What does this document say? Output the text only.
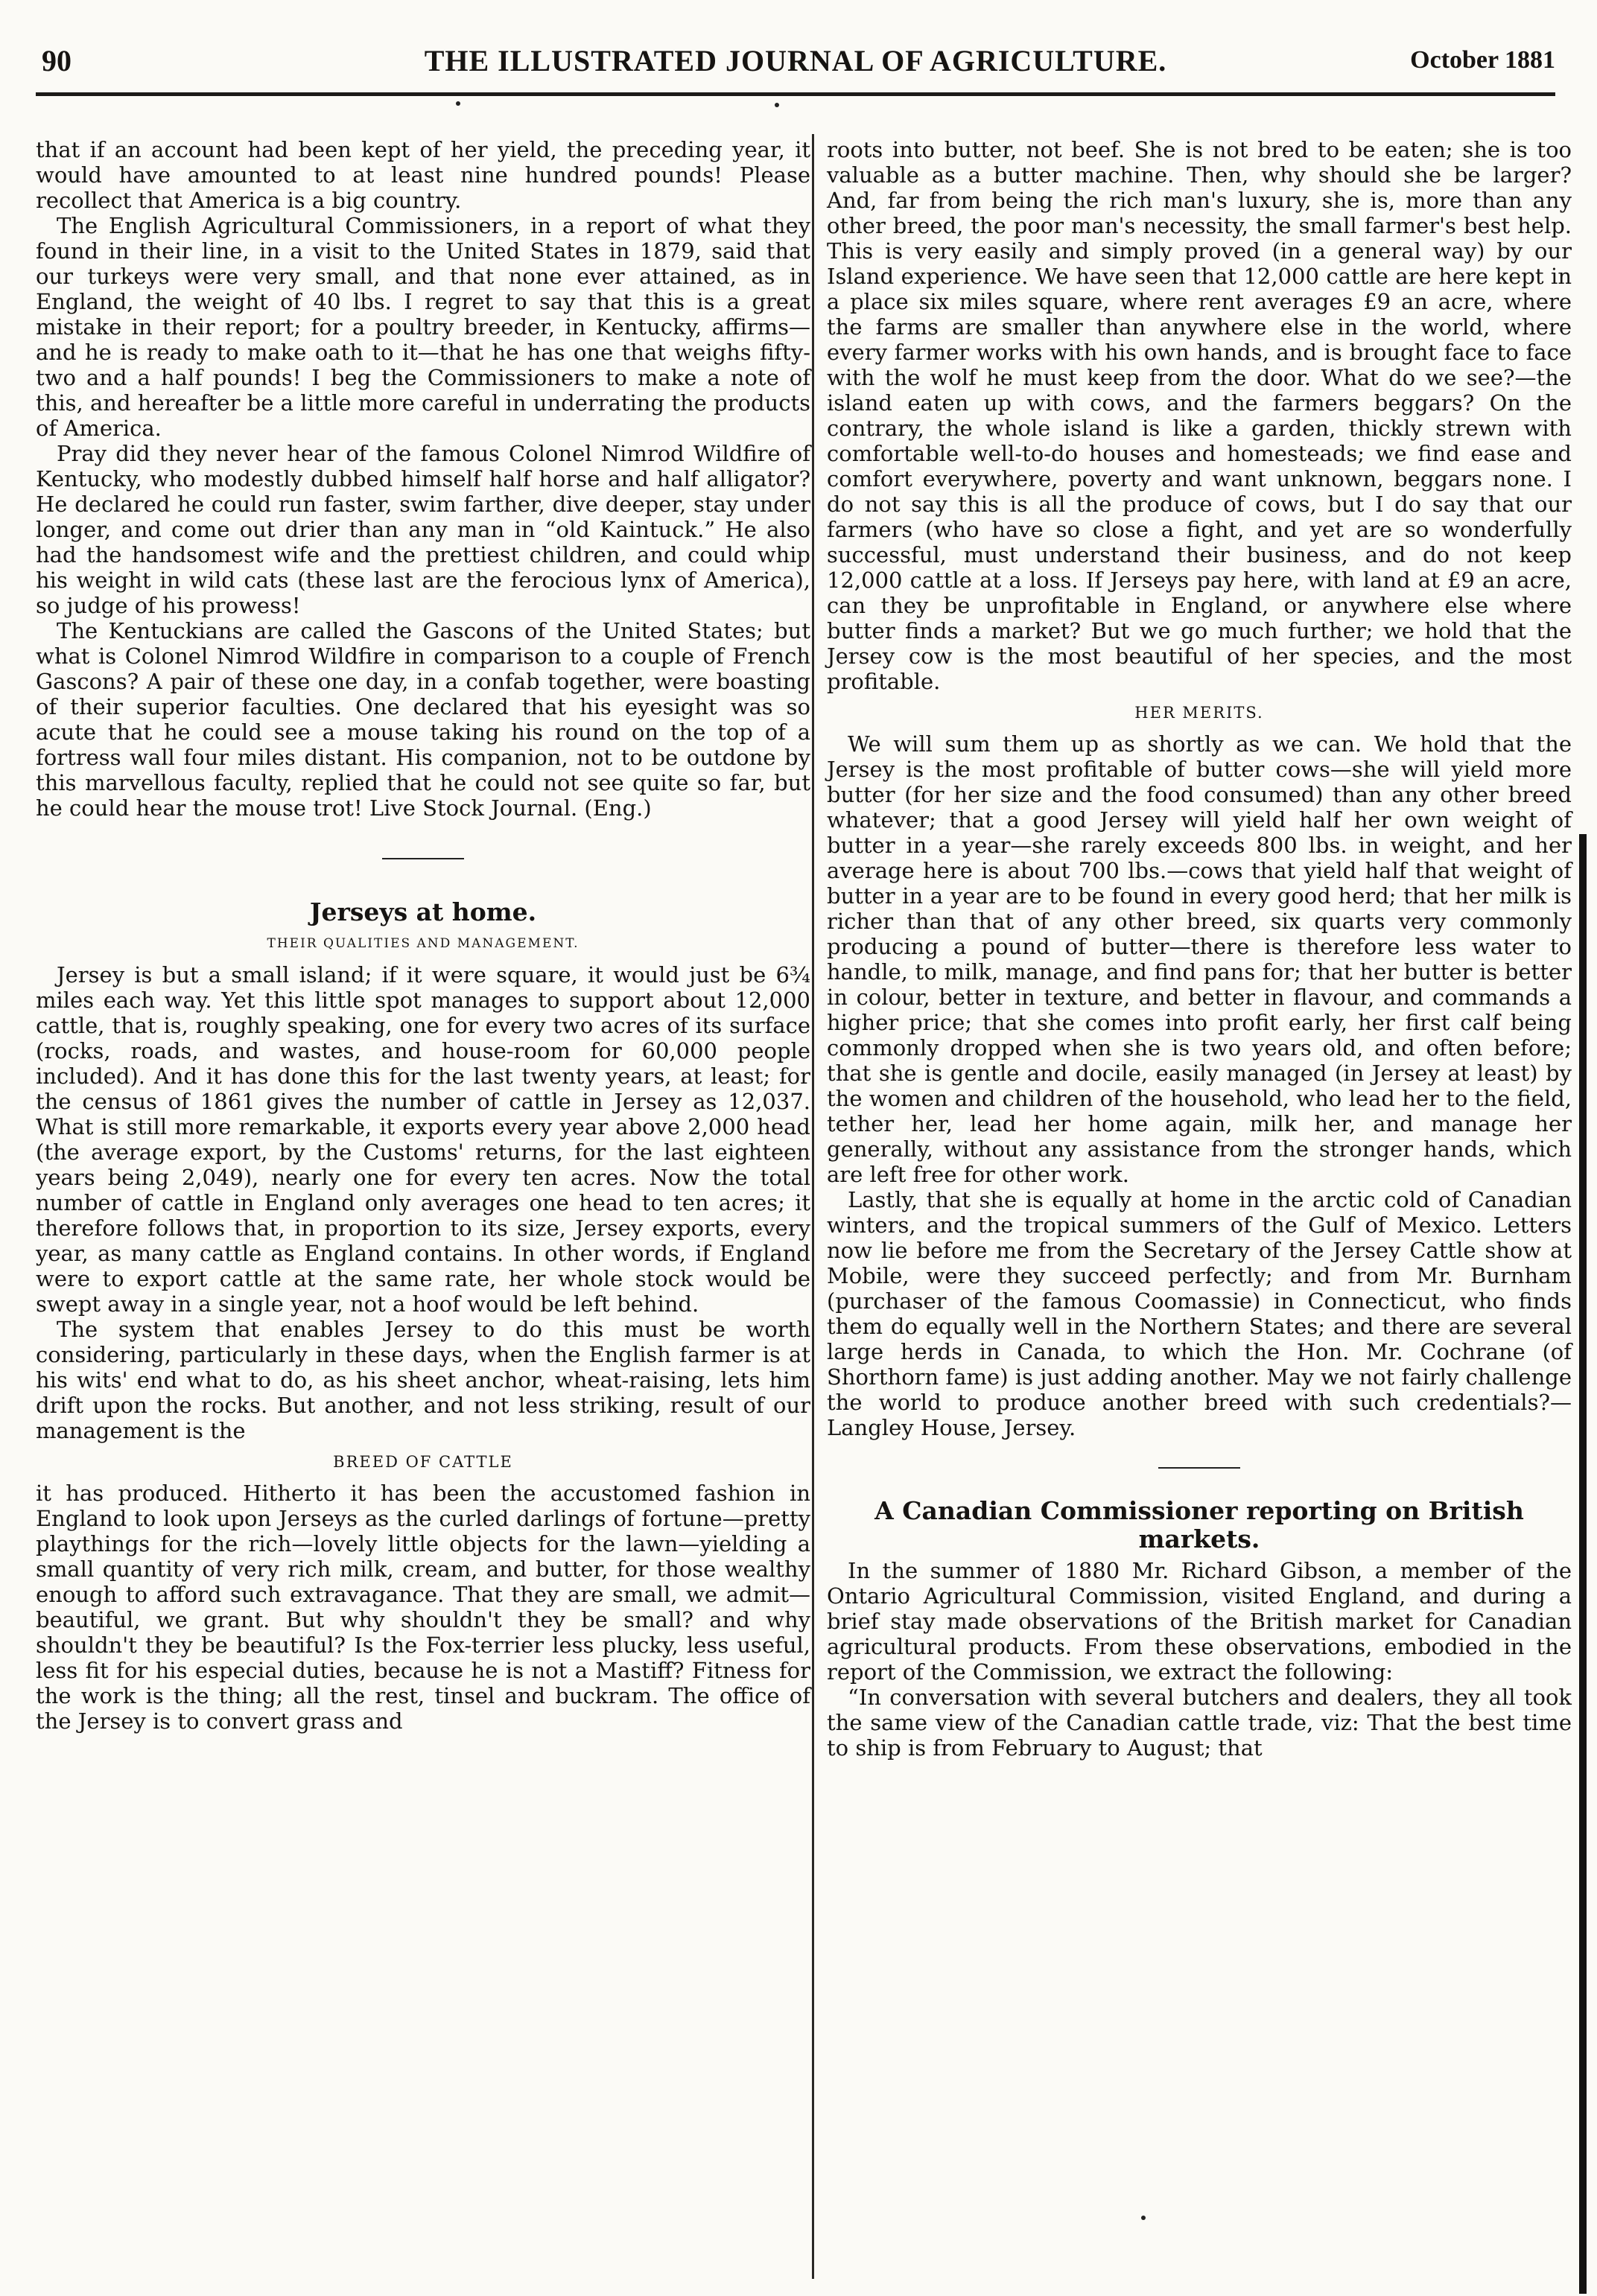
90	THE ILLUSTRATED JOURNAL OF AGRICULTURE.	October 1881

that if an account had been kept of her yield, the preceding year, it would have amounted to at least nine hundred pounds! Please recollect that America is a big country.

The English Agricultural Commissioners, in a report of what they found in their line, in a visit to the United States in 1879, said that our turkeys were very small, and that none ever attained, as in England, the weight of 40 lbs. I regret to say that this is a great mistake in their report; for a poultry breeder, in Kentucky, affirms—and he is ready to make oath to it—that he has one that weighs fifty-two and a half pounds! I beg the Commissioners to make a note of this, and hereafter be a little more careful in underrating the products of America.

Pray did they never hear of the famous Colonel Nimrod Wildfire of Kentucky, who modestly dubbed himself half horse and half alligator? He declared he could run faster, swim farther, dive deeper, stay under longer, and come out drier than any man in “old Kaintuck.” He also had the handsomest wife and the prettiest children, and could whip his weight in wild cats (these last are the ferocious lynx of America), so judge of his prowess!

The Kentuckians are called the Gascons of the United States; but what is Colonel Nimrod Wildfire in comparison to a couple of French Gascons? A pair of these one day, in a confab together, were boasting of their superior faculties. One declared that his eyesight was so acute that he could see a mouse taking his round on the top of a fortress wall four miles distant. His companion, not to be outdone by this marvellous faculty, replied that he could not see quite so far, but he could hear the mouse trot! Live Stock Journal. (Eng.)

Jerseys at home.
THEIR QUALITIES AND MANAGEMENT.

Jersey is but a small island; if it were square, it would just be 6¾ miles each way. Yet this little spot manages to support about 12,000 cattle, that is, roughly speaking, one for every two acres of its surface (rocks, roads, and wastes, and house-room for 60,000 people included). And it has done this for the last twenty years, at least; for the census of 1861 gives the number of cattle in Jersey as 12,037. What is still more remarkable, it exports every year above 2,000 head (the average export, by the Customs' returns, for the last eighteen years being 2,049), nearly one for every ten acres. Now the total number of cattle in England only averages one head to ten acres; it therefore follows that, in proportion to its size, Jersey exports, every year, as many cattle as England contains. In other words, if England were to export cattle at the same rate, her whole stock would be swept away in a single year, not a hoof would be left behind.

The system that enables Jersey to do this must be worth considering, particularly in these days, when the English farmer is at his wits' end what to do, as his sheet anchor, wheat-raising, lets him drift upon the rocks. But another, and not less striking, result of our management is the

BREED OF CATTLE

it has produced. Hitherto it has been the accustomed fashion in England to look upon Jerseys as the curled darlings of fortune—pretty playthings for the rich—lovely little objects for the lawn—yielding a small quantity of very rich milk, cream, and butter, for those wealthy enough to afford such extravagance. That they are small, we admit—beautiful, we grant. But why shouldn't they be small? and why shouldn't they be beautiful? Is the Fox-terrier less plucky, less useful, less fit for his especial duties, because he is not a Mastiff? Fitness for the work is the thing; all the rest, tinsel and buckram. The office of the Jersey is to convert grass and

roots into butter, not beef. She is not bred to be eaten; she is too valuable as a butter machine. Then, why should she be larger? And, far from being the rich man's luxury, she is, more than any other breed, the poor man's necessity, the small farmer's best help. This is very easily and simply proved (in a general way) by our Island experience. We have seen that 12,000 cattle are here kept in a place six miles square, where rent averages £9 an acre, where the farms are smaller than anywhere else in the world, where every farmer works with his own hands, and is brought face to face with the wolf he must keep from the door. What do we see?—the island eaten up with cows, and the farmers beggars? On the contrary, the whole island is like a garden, thickly strewn with comfortable well-to-do houses and homesteads; we find ease and comfort everywhere, poverty and want unknown, beggars none. I do not say this is all the produce of cows, but I do say that our farmers (who have so close a fight, and yet are so wonderfully successful, must understand their business, and do not keep 12,000 cattle at a loss. If Jerseys pay here, with land at £9 an acre, can they be unprofitable in England, or anywhere else where butter finds a market? But we go much further; we hold that the Jersey cow is the most beautiful of her species, and the most profitable.

HER MERITS.

We will sum them up as shortly as we can. We hold that the Jersey is the most profitable of butter cows—she will yield more butter (for her size and the food consumed) than any other breed whatever; that a good Jersey will yield half her own weight of butter in a year—she rarely exceeds 800 lbs. in weight, and her average here is about 700 lbs.—cows that yield half that weight of butter in a year are to be found in every good herd; that her milk is richer than that of any other breed, six quarts very commonly producing a pound of butter—there is therefore less water to handle, to milk, manage, and find pans for; that her butter is better in colour, better in texture, and better in flavour, and commands a higher price; that she comes into profit early, her first calf being commonly dropped when she is two years old, and often before; that she is gentle and docile, easily managed (in Jersey at least) by the women and children of the household, who lead her to the field, tether her, lead her home again, milk her, and manage her generally, without any assistance from the stronger hands, which are left free for other work.

Lastly, that she is equally at home in the arctic cold of Canadian winters, and the tropical summers of the Gulf of Mexico. Letters now lie before me from the Secretary of the Jersey Cattle show at Mobile, were they succeed perfectly; and from Mr. Burnham (purchaser of the famous Coomassie) in Connecticut, who finds them do equally well in the Northern States; and there are several large herds in Canada, to which the Hon. Mr. Cochrane (of Shorthorn fame) is just adding another. May we not fairly challenge the world to produce another breed with such credentials?—Langley House, Jersey.

A Canadian Commissioner reporting on British markets.

In the summer of 1880 Mr. Richard Gibson, a member of the Ontario Agricultural Commission, visited England, and during a brief stay made observations of the British market for Canadian agricultural products. From these observations, embodied in the report of the Commission, we extract the following:

“In conversation with several butchers and dealers, they all took the same view of the Canadian cattle trade, viz: That the best time to ship is from February to August; that
